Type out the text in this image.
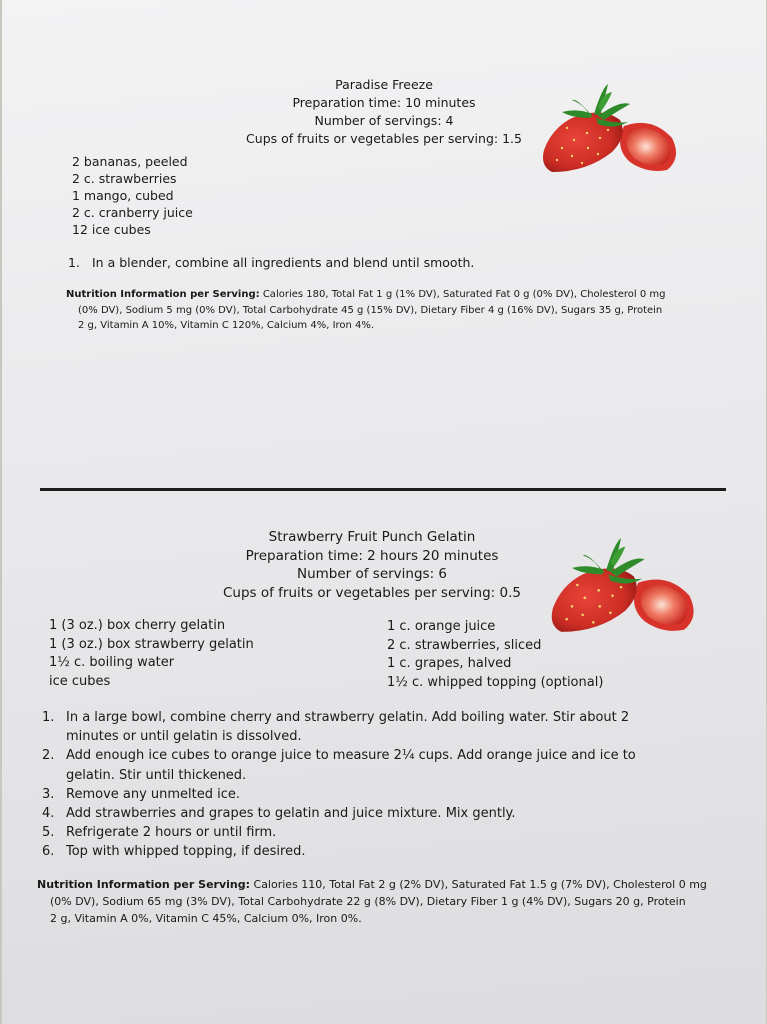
Paradise Freeze
Preparation time: 10 minutes
Number of servings: 4
Cups of fruits or vegetables per serving: 1.5
2 bananas, peeled
2 c. strawberries
1 mango, cubed
2 c. cranberry juice
12 ice cubes
1. In a blender, combine all ingredients and blend until smooth.
Nutrition Information per Serving: Calories 180, Total Fat 1 g (1% DV), Saturated Fat 0 g (0% DV), Cholesterol 0 mg
(0% DV), Sodium 5 mg (0% DV), Total Carbohydrate 45 g (15% DV), Dietary Fiber 4 g (16% DV), Sugars 35 g, Protein
2 g, Vitamin A 10%, Vitamin C 120%, Calcium 4%, Iron 4%.
Strawberry Fruit Punch Gelatin
Preparation time: 2 hours 20 minutes
Number of servings: 6
Cups of fruits or vegetables per serving: 0.5
1 (3 oz.) box cherry gelatin
1 (3 oz.) box strawberry gelatin
1½ c. boiling water
ice cubes
1 c. orange juice
2 c. strawberries, sliced
1 c. grapes, halved
1½ c. whipped topping (optional)
1. In a large bowl, combine cherry and strawberry gelatin. Add boiling water. Stir about 2
minutes or until gelatin is dissolved.
2. Add enough ice cubes to orange juice to measure 2¼ cups. Add orange juice and ice to
gelatin. Stir until thickened.
3. Remove any unmelted ice.
4. Add strawberries and grapes to gelatin and juice mixture. Mix gently.
5. Refrigerate 2 hours or until firm.
6. Top with whipped topping, if desired.
Nutrition Information per Serving: Calories 110, Total Fat 2 g (2% DV), Saturated Fat 1.5 g (7% DV), Cholesterol 0 mg
(0% DV), Sodium 65 mg (3% DV), Total Carbohydrate 22 g (8% DV), Dietary Fiber 1 g (4% DV), Sugars 20 g, Protein
2 g, Vitamin A 0%, Vitamin C 45%, Calcium 0%, Iron 0%.
